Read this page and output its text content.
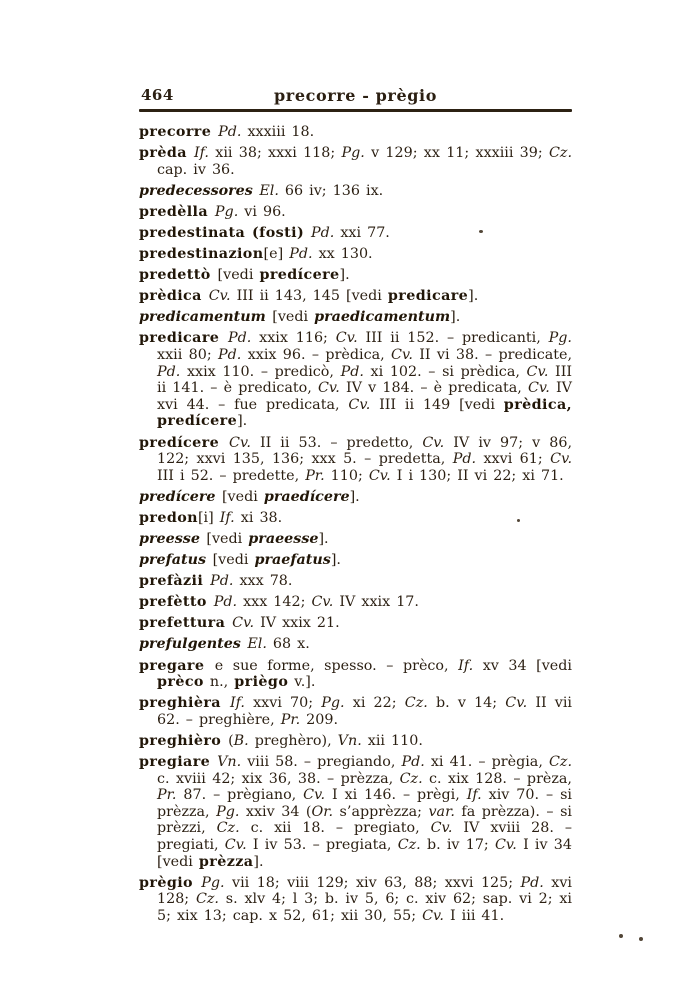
464	precorre - prègio

precorre Pd. xxxiii 18.

prèda If. xii 38; xxxi 118; Pg. v 129; xx 11; xxxiii 39; Cz. cap. iv 36.

predecessores El. 66 iv; 136 ix.

predèlla Pg. vi 96.

predestinata (fosti) Pd. xxi 77.

predestinazion[e] Pd. xx 130.

predettò [vedi predícere].

prèdica Cv. III ii 143, 145 [vedi predicare].

predicamentum [vedi praedicamentum].

predicare Pd. xxix 116; Cv. III ii 152. – predicanti, Pg. xxii 80; Pd. xxix 96. – prèdica, Cv. II vi 38. – predicate, Pd. xxix 110. – predicò, Pd. xi 102. – si prèdica, Cv. III ii 141. – è predicato, Cv. IV v 184. – è predicata, Cv. IV xvi 44. – fue predicata, Cv. III ii 149 [vedi prèdica, predícere].

predícere Cv. II ii 53. – predetto, Cv. IV iv 97; v 86, 122; xxvi 135, 136; xxx 5. – predetta, Pd. xxvi 61; Cv. III i 52. – predette, Pr. 110; Cv. I i 130; II vi 22; xi 71.

predícere [vedi praedícere].

predon[i] If. xi 38.

preesse [vedi praeesse].

prefatus [vedi praefatus].

prefàzii Pd. xxx 78.

prefètto Pd. xxx 142; Cv. IV xxix 17.

prefettura Cv. IV xxix 21.

prefulgentes El. 68 x.

pregare e sue forme, spesso. – prèco, If. xv 34 [vedi prèco n., priègo v.].

preghièra If. xxvi 70; Pg. xi 22; Cz. b. v 14; Cv. II vii 62. – preghière, Pr. 209.

preghièro (B. preghèro), Vn. xii 110.

pregiare Vn. viii 58. – pregiando, Pd. xi 41. – prègia, Cz. c. xviii 42; xix 36, 38. – prèzza, Cz. c. xix 128. – prèza, Pr. 87. – prègiano, Cv. I xi 146. – prègi, If. xiv 70. – si prèzza, Pg. xxiv 34 (Or. s’apprèzza; var. fa prèzza). – si prèzzi, Cz. c. xii 18. – pregiato, Cv. IV xviii 28. – pregiati, Cv. I iv 53. – pregiata, Cz. b. iv 17; Cv. I iv 34 [vedi prèzza].

prègio Pg. vii 18; viii 129; xiv 63, 88; xxvi 125; Pd. xvi 128; Cz. s. xlv 4; l 3; b. iv 5, 6; c. xiv 62; sap. vi 2; xi 5; xix 13; cap. x 52, 61; xii 30, 55; Cv. I iii 41.
